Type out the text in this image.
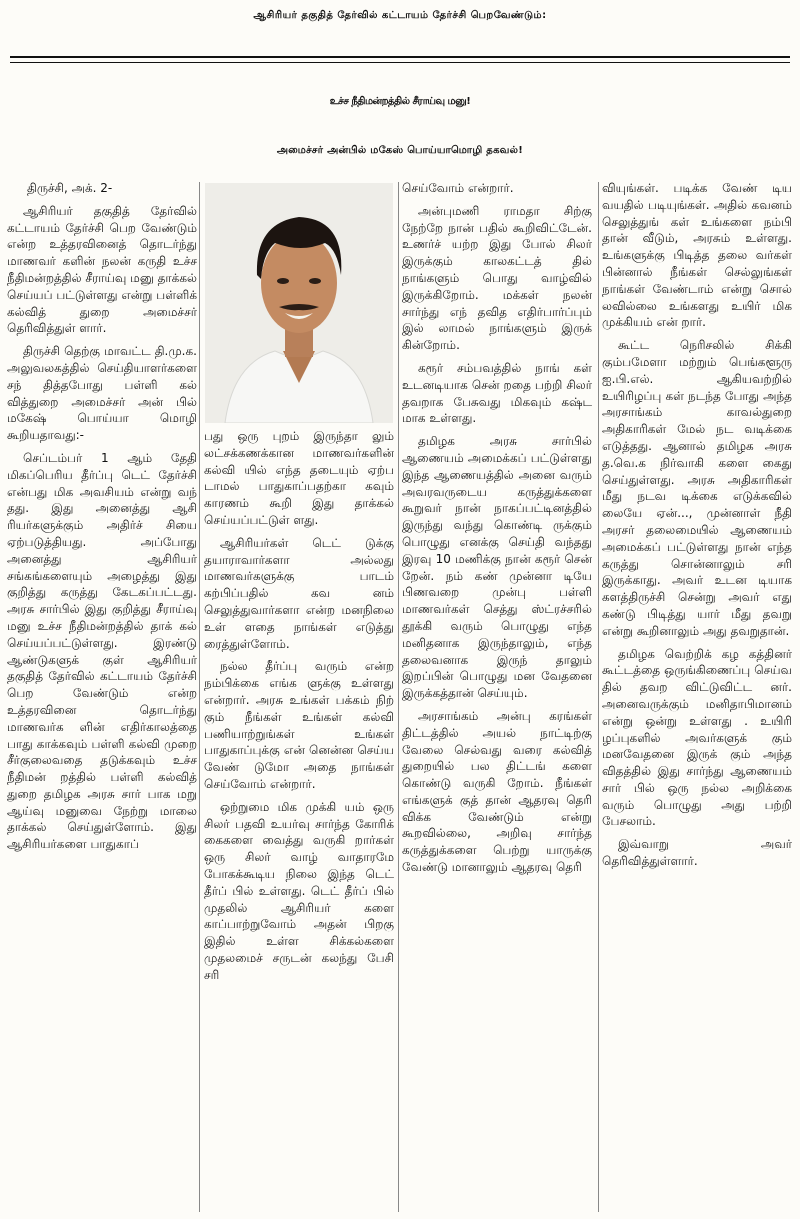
ஆசிரியர் தகுதித் தேர்வில் கட்டாயம் தேர்ச்சி பெறவேண்டும்:
உச்ச நீதிமன்றத்தில் சீராய்வு மனு!
அமைச்சர் அன்பில் மகேஸ் பொய்யாமொழி தகவல்!

திருச்சி, அக். 2-

ஆசிரியர் தகுதித் தேர்வில் கட்டாயம் தேர்ச்சி பெற வேண்டும் என்ற உத்தரவினைத் தொடர்ந்து மாணவர் களின் நலன் கருதி உச்ச நீதிமன்றத்தில் சீராய்வு மனு தாக்கல் செய்யப் பட்டுள்ளது என்று பள்ளிக் கல்வித் துறை அமைச்சர் தெரிவித்துள் ளார்.

திருச்சி தெற்கு மாவட்ட தி.மு.க. அலுவலகத்தில் செய்தியாளர்களை சந் தித்தபோது பள்ளி கல் வித்துறை அமைச்சர் அன் பில் மகேஷ் பொய்யா மொழி கூறியதாவது:-

செப்டம்பர் 1 ஆம் தேதி மிகப்பெரிய தீர்ப்பு டெட் தேர்ச்சி என்பது மிக அவசியம் என்று வந் தது. இது அனைத்து ஆசி ரியர்களுக்கும் அதிர்ச் சியை ஏற்படுத்தியது. அப்போது அனைத்து ஆசிரியர் சங்கங்களையும் அழைத்து இது குறித்து கருத்து கேடகப்பட்டது. அரசு சார்பில் இது குறித்து சீராய்வு மனு உச்ச நீதிமன்றத்தில் தாக் கல் செய்யப்பட்டுள்ளது. இரண்டு ஆண்டுகளுக் குள் ஆசிரியர் தகுதித் தேர்வில் கட்டாயம் தேர்ச்சி பெற வேண்டும் என்ற உத்தரவினை தொடர்ந்து மாணவர்க ளின் எதிர்காலத்தை பாது காக்கவும் பள்ளி கல்வி முறை சீர்குலைவதை தடுக்கவும் உச்ச நீதிமன் றத்தில் பள்ளி கல்வித் துறை தமிழக அரசு சார் பாக மறு ஆய்வு மனுவை நேற்று மாலை தாக்கல் செய்துள்ளோம். இது ஆசிரியர்களை பாதுகாப்

பது ஒரு புறம் இருந்தா லும் லட்சக்கணக்கான மாணவர்களின் கல்வி யில் எந்த தடையும் ஏற்ப டாமல் பாதுகாப்பதற்கா கவும் காரணம் கூறி இது தாக்கல் செய்யப்பட்டுள் ளது.

ஆசிரியர்கள் டெட் டுக்கு தயாராவார்களா அல்லது மாணவர்களுக்கு பாடம் கற்பிப்பதில் கவ னம் செலுத்துவார்களா என்ற மனநிலை உள் ளதை நாங்கள் எடுத்து ரைத்துள்ளோம்.

நல்ல தீர்ப்பு வரும் என்ற நம்பிக்கை எங்க ளுக்கு உள்ளது என்றார். அரசு உங்கள் பக்கம் நிற் கும் நீங்கள் உங்கள் கல்வி பணியாற்றுங்கள் உங்கள் பாதுகாப்புக்கு என் னென்ன செய்ய வேண் டுமோ அதை நாங்கள் செய்வோம் என்றார்.

ஒற்றுமை மிக முக்கி யம் ஒரு சிலர் பதவி உயர்வு சார்ந்த கோரிக் கைகளை வைத்து வருகி றார்கள் ஒரு சிலர் வாழ் வாதாரமே போகக்கூடிய நிலை இந்த டெட் தீர்ப் பில் உள்ளது. டெட் தீர்ப் பில் முதலில் ஆசிரியர் களை காப்பாற்றுவோம் அதன் பிறகு இதில் உள்ள சிக்கல்களை முதலமைச் சருடன் கலந்து பேசி சரி

செய்வோம் என்றார்.

அன்புமணி ராமதா சிற்கு நேற்றே நான் பதில் கூறிவிட்டேன். உணர்ச் யற்ற இது போல் சிலர் இருக்கும் காலகட்டத் தில் நாங்களும் பொது வாழ்வில் இருக்கிறோம். மக்கள் நலன் சார்ந்து எந் தவித எதிர்பார்ப்பும் இல் லாமல் நாங்களும் இருக் கின்றோம்.

கரூர் சம்பவத்தில் நாங் கள் உடனடியாக சென் றதை பற்றி சிலர் தவறாக பேசுவது மிகவும் கஷ்ட மாக உள்ளது.

தமிழக அரசு சார்பில் ஆணையம் அமைக்கப் பட்டுள்ளது இந்த ஆணையத்தில் அனை வரும் அவரவருடைய கருத்துக்களை கூறுவர் நான் நாகப்பட்டினத்தில் இருந்து வந்து கொண்டி ருக்கும் பொழுது எனக்கு செய்தி வந்தது இரவு 10 மணிக்கு நான் கரூர் சென் றேன். நம் கண் முன்னா டியே பிணவறை முன்பு பள்ளி மாணவர்கள் செத்து ஸ்ட்ரச்சரில் தூக்கி வரும் பொழுது எந்த மனிதனாக இருந்தாலும், எந்த தலைவனாக இருந் தாலும் இறப்பின் பொழுது மன வேதனை இருக்கத்தான் செய்யும்.

அரசாங்கம் அன்பு கரங்கள் திட்டத்தில் அயல் நாட்டிற்கு வேலை செல்வது வரை கல்வித் துறையில் பல திட்டங் களை கொண்டு வருகி றோம். நீங்கள் எங்களுக் குத் தான் ஆதரவு தெரி விக்க வேண்டும் என்று கூறவில்லை, அறிவு சார்ந்த கருத்துக்களை பெற்று யாருக்கு வேண்டு மானாலும் ஆதரவு தெரி

வியுங்கள். படிக்க வேண் டிய வயதில் படியுங்கள். அதில் கவனம் செலுத்துங் கள் உங்களை நம்பி தான் வீடும், அரசும் உள்ளது. உங்களுக்கு பிடித்த தலை வர்கள் பின்னால் நீங்கள் செல்லுங்கள் நாங்கள் வேண்டாம் என்று சொல் லவில்லை உங்களது உயிர் மிக முக்கியம் என் றார்.

கூட்ட நெரிசலில் சிக்கி கும்பமேளா மற்றும் பெங்களூரு ஐ.பி.எல். ஆகியவற்றில் உயிரிழப்பு கள் நடந்த போது அந்த அரசாங்கம் காவல்துறை அதிகாரிகள் மேல் நட வடிக்கை எடுத்தது. ஆனால் தமிழக அரசு த.வெ.க நிர்வாகி களை கைது செய்துள்ளது. அரசு அதிகாரிகள் மீது நடவ டிக்கை எடுக்கவில் லையே ஏன்..., முன்னாள் நீதி அரசர் தலைமையில் ஆணையம் அமைக்கப் பட்டுள்ளது நான் எந்த கருத்து சொன்னாலும் சரி இருக்காது. அவர் உடன டியாக களத்திருச்சி சென்று அவர் எது கண்டு பிடித்து யார் மீது தவறு என்று கூறினாலும் அது தவறுதான்.

தமிழக வெற்றிக் கழ கத்தினர் கூட்டத்தை ஒருங்கிணைப்பு செய்வ தில் தவற விட்டுவிட்ட னர். அனைவருக்கும் மனிதாபிமானம் என்று ஒன்று உள்ளது . உயிரி ழப்புகளில் அவர்களுக் கும் மனவேதனை இருக் கும் அந்த விதத்தில் இது சார்ந்து ஆணையம் சார் பில் ஒரு நல்ல அறிக்கை வரும் பொழுது அது பற்றி பேசலாம்.

இவ்வாறு அவர் தெரிவித்துள்ளார்.
